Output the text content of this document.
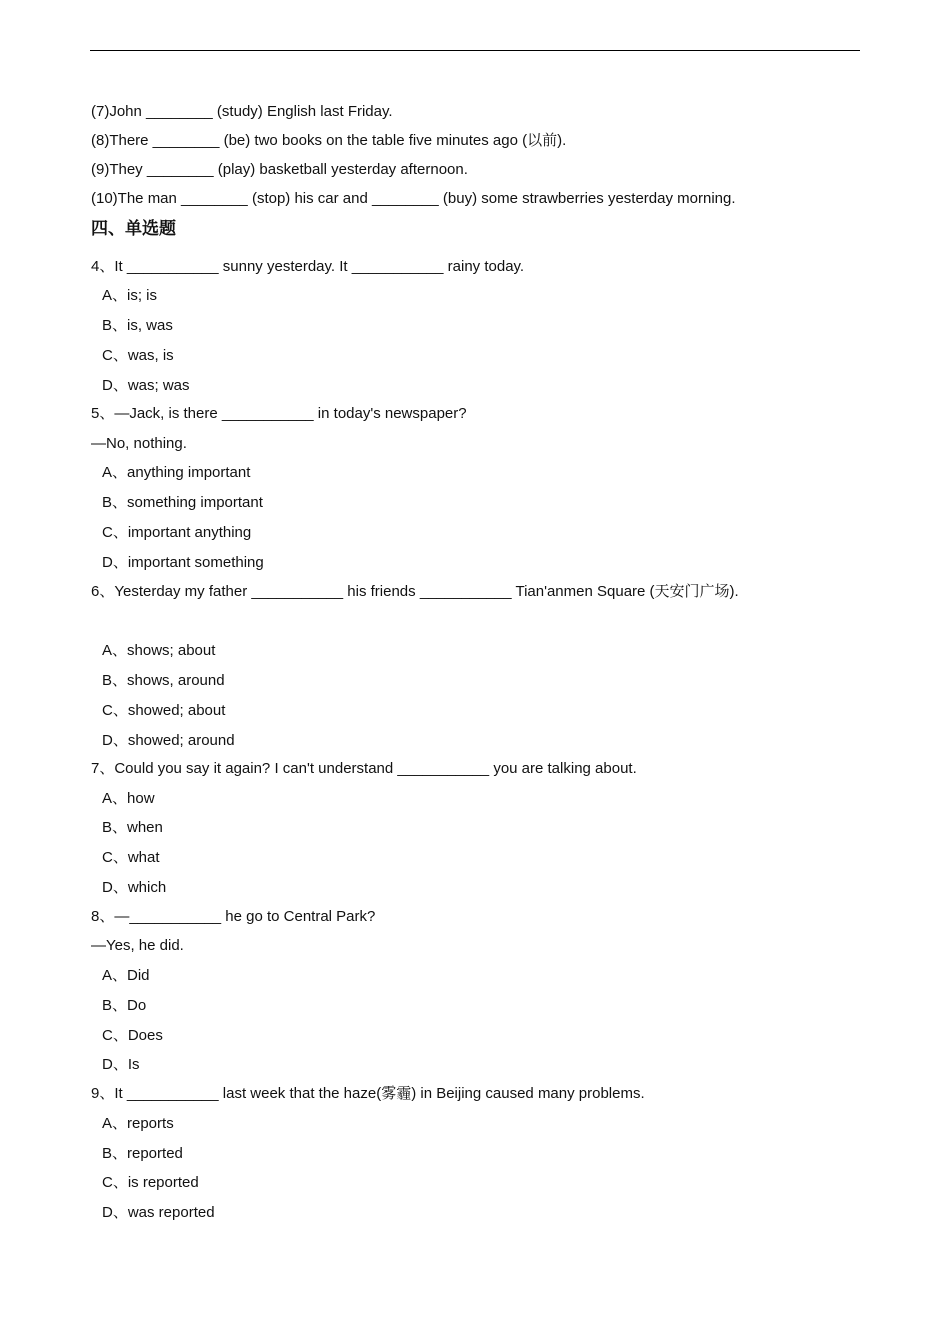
(7)John ________ (study) English last Friday.
(8)There ________ (be) two books on the table five minutes ago (以前).
(9)They ________ (play) basketball yesterday afternoon.
(10)The man ________ (stop) his car and ________ (buy) some strawberries yesterday morning.
四、单选题
4、It ___________ sunny yesterday. It ___________ rainy today.
A、is; is
B、is, was
C、was, is
D、was; was
5、—Jack, is there ___________ in today's newspaper?
—No, nothing.
A、anything important
B、something important
C、important anything
D、important something
6、Yesterday my father ___________ his friends ___________ Tian'anmen Square (天安门广场).
A、shows; about
B、shows, around
C、showed; about
D、showed; around
7、Could you say it again? I can't understand ___________ you are talking about.
A、how
B、when
C、what
D、which
8、—___________ he go to Central Park?
—Yes, he did.
A、Did
B、Do
C、Does
D、Is
9、It ___________ last week that the haze(雾霾) in Beijing caused many problems.
A、reports
B、reported
C、is reported
D、was reported
